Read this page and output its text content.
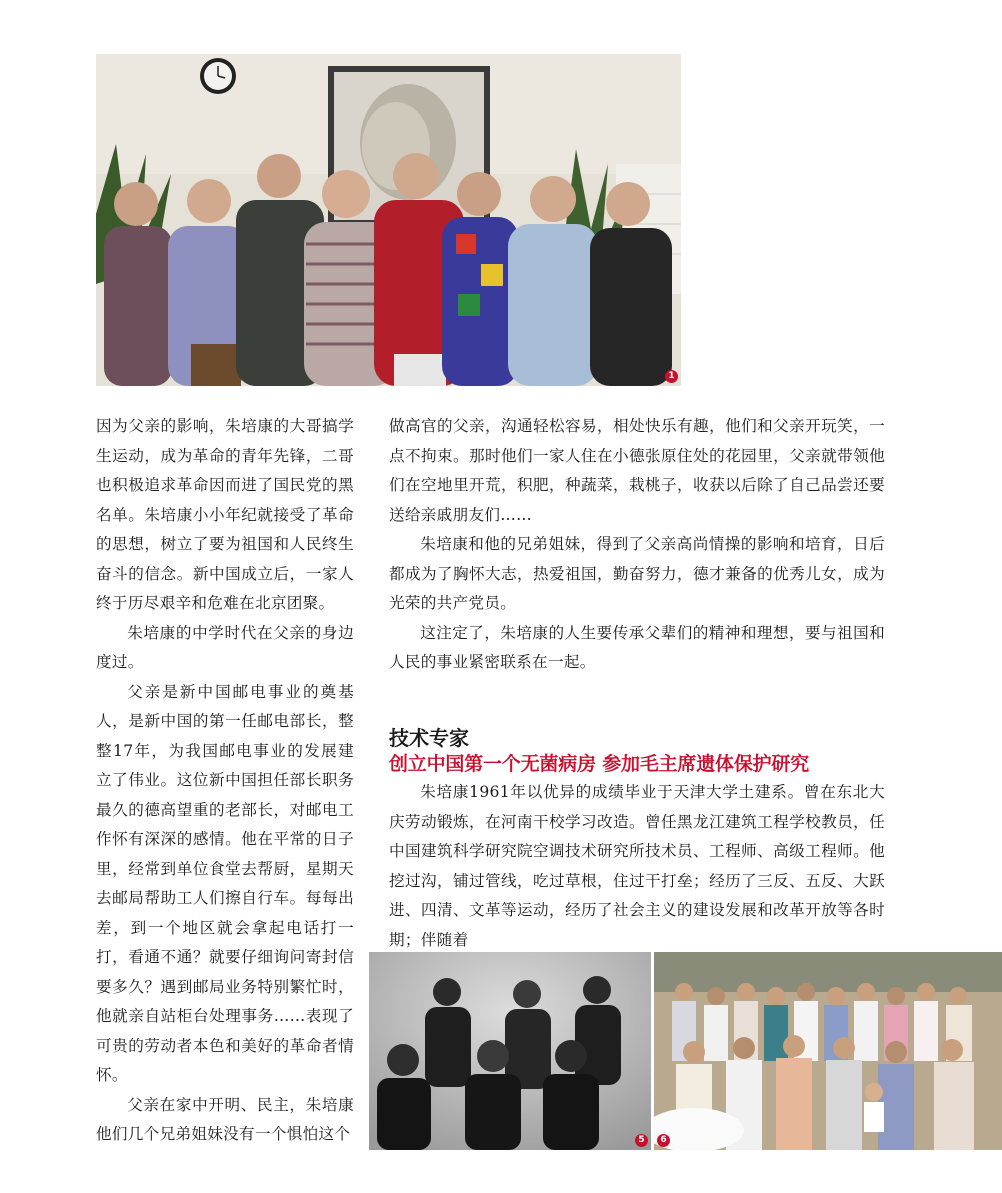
1

因为父亲的影响，朱培康的大哥搞学生运动，成为革命的青年先锋，二哥也积极追求革命因而进了国民党的黑名单。朱培康小小年纪就接受了革命的思想，树立了要为祖国和人民终生奋斗的信念。新中国成立后，一家人终于历尽艰辛和危难在北京团聚。

朱培康的中学时代在父亲的身边度过。

父亲是新中国邮电事业的奠基人，是新中国的第一任邮电部长，整整17年，为我国邮电事业的发展建立了伟业。这位新中国担任部长职务最久的德高望重的老部长，对邮电工作怀有深深的感情。他在平常的日子里，经常到单位食堂去帮厨，星期天去邮局帮助工人们擦自行车。每每出差，到一个地区就会拿起电话打一打，看通不通？就要仔细询问寄封信要多久？遇到邮局业务特别繁忙时，他就亲自站柜台处理事务……表现了可贵的劳动者本色和美好的革命者情怀。

父亲在家中开明、民主，朱培康他们几个兄弟姐妹没有一个惧怕这个

做高官的父亲，沟通轻松容易，相处快乐有趣，他们和父亲开玩笑，一点不拘束。那时他们一家人住在小德张原住处的花园里，父亲就带领他们在空地里开荒，积肥，种蔬菜，栽桃子，收获以后除了自己品尝还要送给亲戚朋友们……

朱培康和他的兄弟姐妹，得到了父亲高尚情操的影响和培育，日后都成为了胸怀大志，热爱祖国，勤奋努力，德才兼备的优秀儿女，成为光荣的共产党员。

这注定了，朱培康的人生要传承父辈们的精神和理想，要与祖国和人民的事业紧密联系在一起。

技术专家
创立中国第一个无菌病房 参加毛主席遗体保护研究

朱培康1961年以优异的成绩毕业于天津大学土建系。曾在东北大庆劳动锻炼，在河南干校学习改造。曾任黑龙江建筑工程学校教员，任中国建筑科学研究院空调技术研究所技术员、工程师、高级工程师。他挖过沟，铺过管线，吃过草根，住过干打垒；经历了三反、五反、大跃进、四清、文革等运动，经历了社会主义的建设发展和改革开放等各时期；伴随着

5	6
